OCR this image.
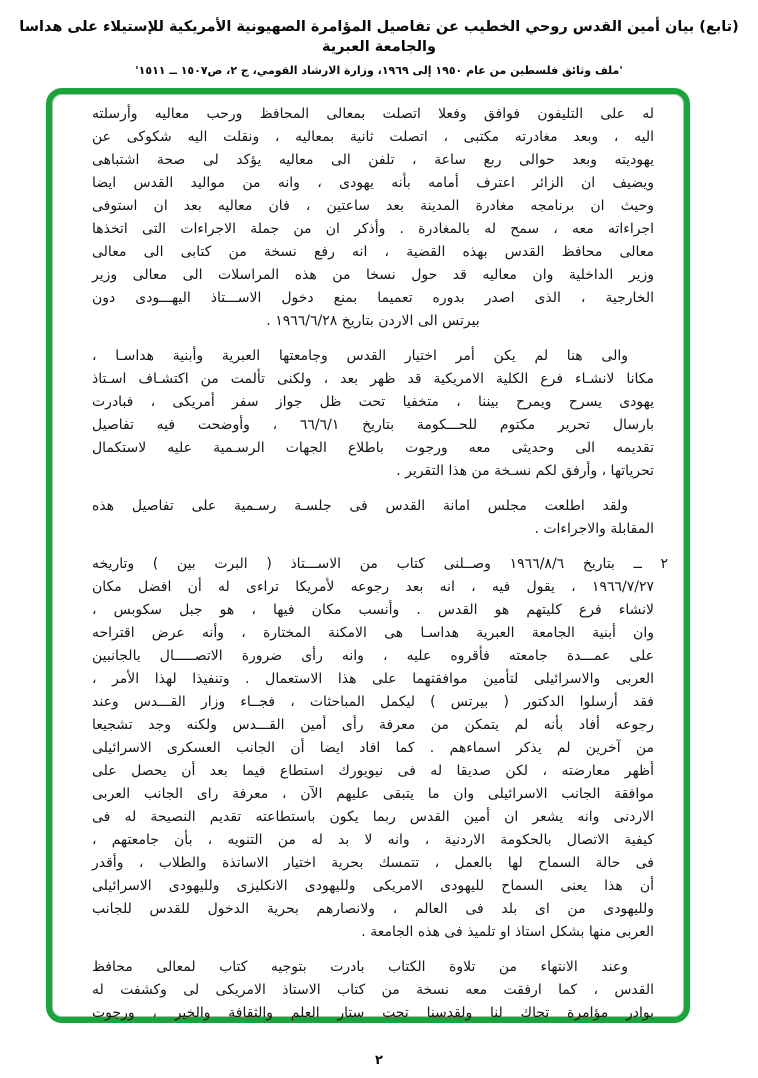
(تابع) بيان أمين القدس روحي الخطيب عن تفاصيل المؤامرة الصهيونية الأمريكية للإستيلاء على هداسا والجامعة العبرية
'ملف وثائق فلسطين من عام ١٩٥٠ إلى ١٩٦٩، وزارة الارشاد القومي، ج ٢، ص١٥٠٧ ــ ١٥١١'
له على التليفون فوافق وفعلا اتصلت بمعالى المحافظ ورحب معاليه وأرسلته
اليه ، وبعد مغادرته مكتبى ، اتصلت ثانية بمعاليه ، ونقلت اليه شكوكى عن
يهوديته وبعد حوالى ربع ساعة ، تلفن الى معاليه يؤكد لى صحة اشتباهى
ويضيف ان الزائر اعترف أمامه بأنه يهودى ، وانه من مواليد القدس ايضا
وحيث ان برنامجه مغادرة المدينة بعد ساعتين ، فان معاليه بعد ان استوفى
اجراءاته معه ، سمح له بالمغادرة . وأذكر ان من جملة الاجراءات التى اتخذها
معالى محافظ القدس بهذه القضية ، انه رفع نسخة من كتابى الى معالى
وزير الداخلية وان معاليه قد حول نسخا من هذه المراسلات الى معالى وزير
الخارجية ، الذى اصدر بدوره تعميما بمنع دخول الاســـتاذ اليهـــودى دون
بيرتس الى الاردن بتاريخ ١٩٦٦/٦/٢٨ .
والى هنا لم يكن أمر اختيار القدس وجامعتها العبرية وأبنية هداسـا ،
مكانا لانشـاء فرع الكلية الامريكية قد ظهر بعد ، ولكنى تألمت من اكتشـاف اسـتاذ
يهودى يسرح ويمرح بيننا ، متخفيا تحت ظل جواز سفر أمريكى ، فبادرت
بارسال تحرير مكتوم للحـــكومة بتاريخ ٦٦/٦/١ ، وأوضحت فيه تفاصيل
تقديمه الى وحديثى معه ورجوت باطلاع الجهات الرسـمية عليه لاستكمال
تحرياتها ، وأرفق لكم نسـخة من هذا التقرير .
ولقد اطلعت مجلس امانة القدس فى جلسـة رسـمية على تفاصيل هذه
المقابلة والاجراءات .
٢ ــ بتاريخ ١٩٦٦/٨/٦ وصــلنى كتاب من الاســـتاذ ( البرت بين ) وتاريخه
١٩٦٦/٧/٢٧ ، يقول فيه ، انه بعد رجوعه لأمريكا تراءى له أن افضل مكان
لانشاء فرع كليتهم هو القدس . وأنسب مكان فيها ، هو جبل سكوبس ،
وان أبنية الجامعة العبرية هداسـا هى الامكنة المختارة ، وأنه عرض اقتراحه
على عمـــدة جامعته فأقروه عليه ، وانه رأى ضرورة الاتصـــــال بالجانبين
العربى والاسرائيلى لتأمين موافقتهما على هذا الاستعمال . وتنفيذا لهذا الأمر ،
فقد أرسلوا الدكتور ( بيرتس ) ليكمل المباحثات ، فجــاء وزار القـــدس وعند
رجوعه أفاد بأنه لم يتمكن من معرفة رأى أمين القـــدس ولكنه وجد تشجيعا
من آخرين لم يذكر اسماءهم . كما افاد ايضا أن الجانب العسكرى الاسرائيلى
أظهر معارضته ، لكن صديقا له فى نيويورك استطاع فيما بعد أن يحصل على
موافقة الجانب الاسرائيلى وان ما يتبقى عليهم الآن ، معرفة راى الجانب العربى
الاردنى وانه يشعر ان أمين القدس ربما يكون باستطاعته تقديم النصيحة له فى
كيفية الاتصال بالحكومة الاردنية ، وانه لا بد له من التنويه ، بأن جامعتهم ،
فى حالة السماح لها بالعمل ، تتمسك بحرية اختيار الاساتذة والطلاب ، وأقدر
أن هذا يعنى السماح لليهودى الامريكى ولليهودى الانكليزى ولليهودى الاسرائيلى
ولليهودى من اى بلد فى العالم ، ولانصارهم بحرية الدخول للقدس للجانب
العربى منها بشكل استاذ او تلميذ فى هذه الجامعة .
وعند الانتهاء من تلاوة الكتاب بادرت بتوجيه كتاب لمعالى محافظ
القدس ، كما ارفقت معه نسخة من كتاب الاستاذ الامريكى لى وكشفت له
بوادر مؤامرة تحاك لنا ولقدسنا تحت ستار العلم والثقافة والخير ، ورجوت
٢
